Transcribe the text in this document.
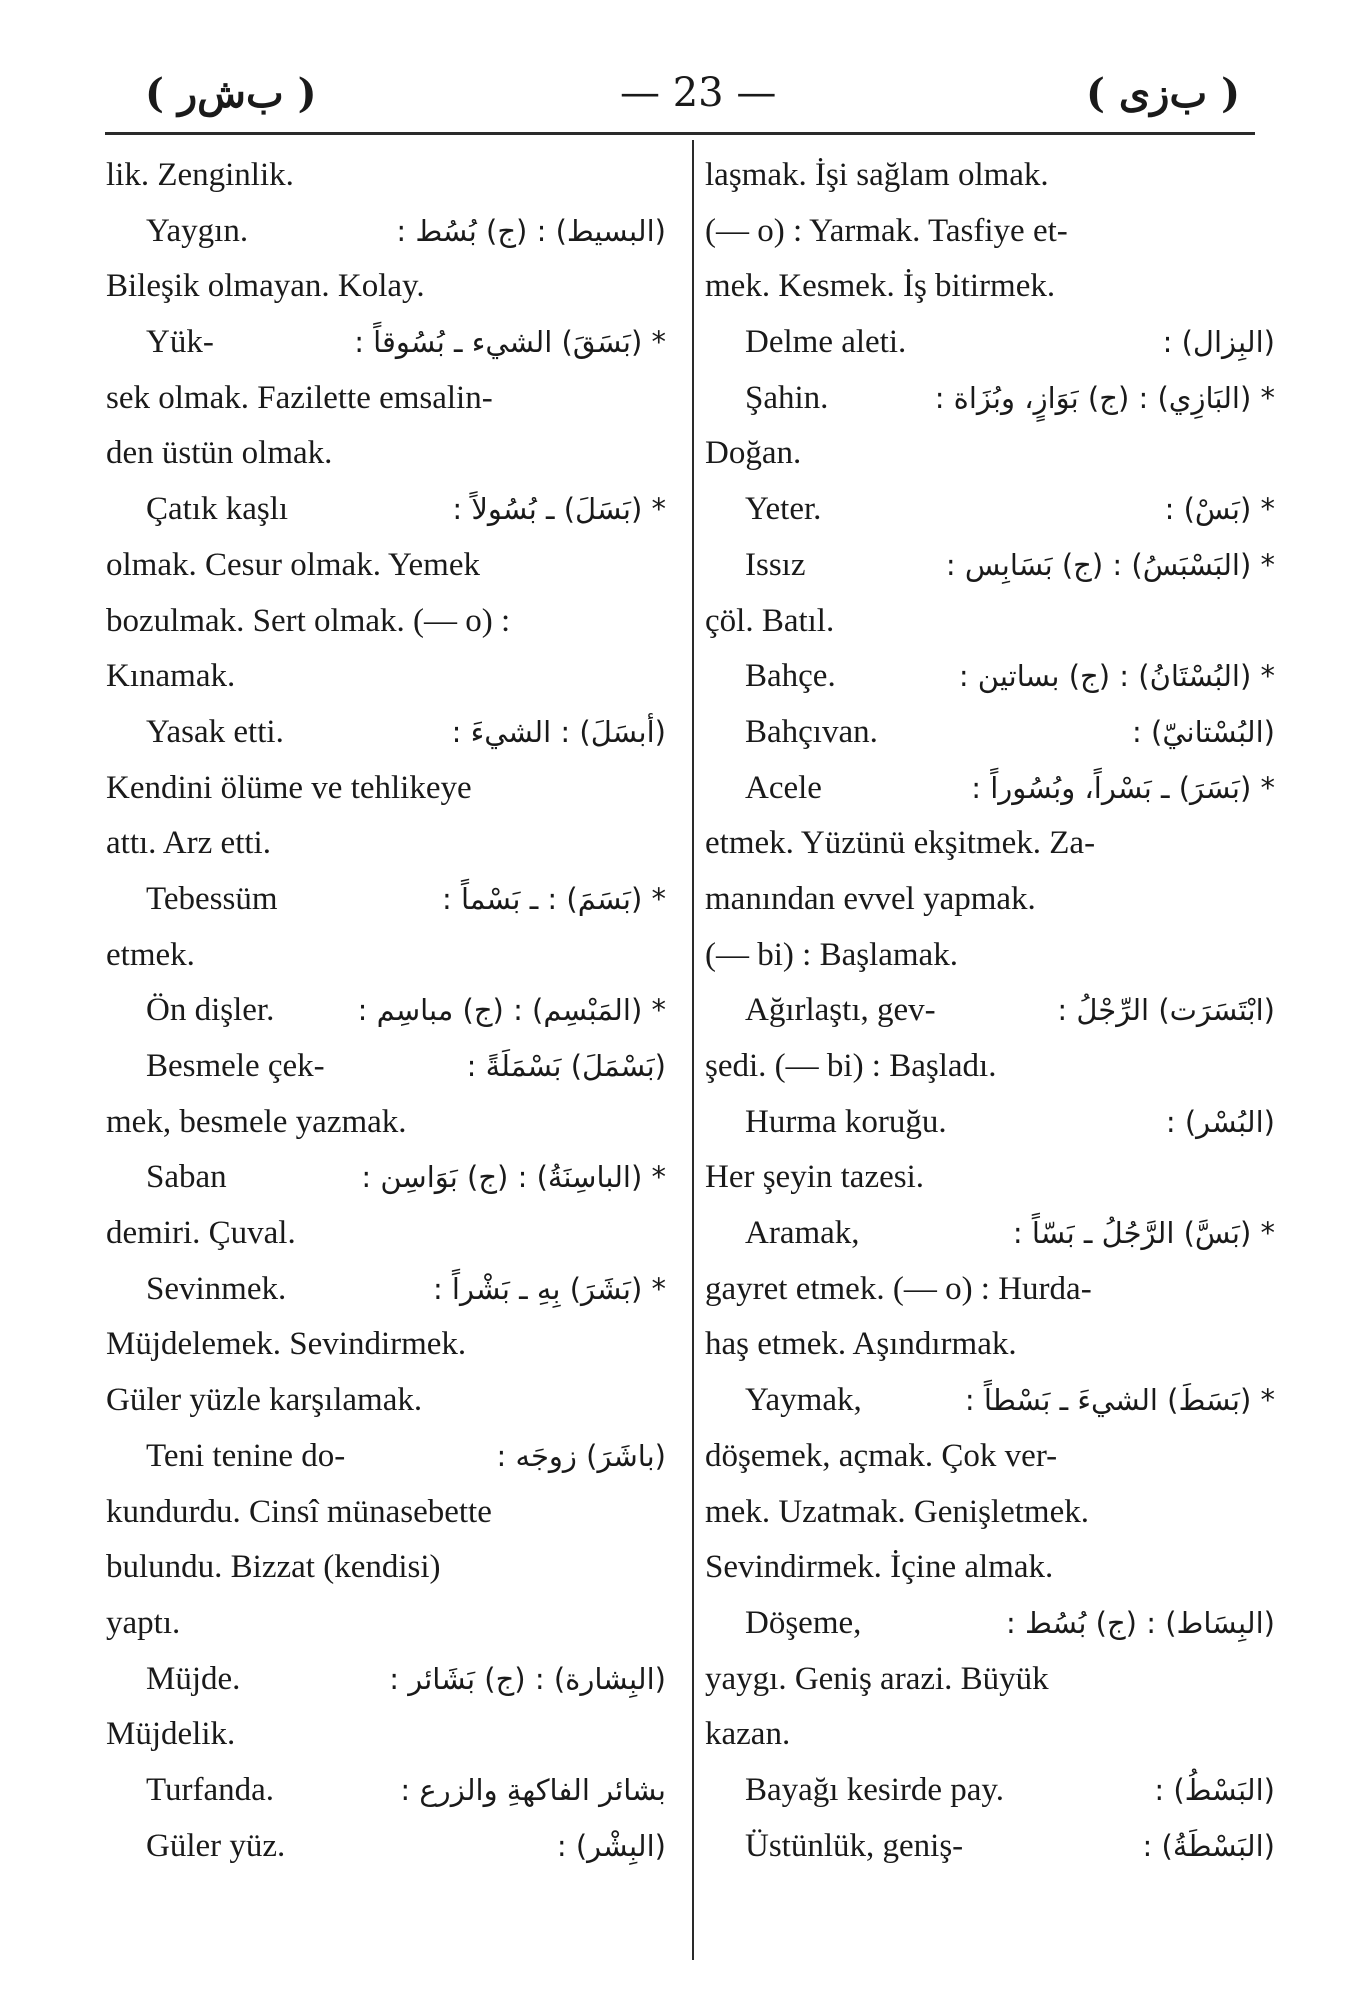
( ب‌ش‌ر )	— 23 —	( ب‌ز‌ی )
lik. Zenginlik.
Yaygın.	(البسيط) : (ج) بُسُط :
Bileşik olmayan. Kolay.
Yük-	* (بَسَقَ) الشيء ـ بُسُوقاً :
sek olmak. Fazilette emsalin-
den üstün olmak.
Çatık kaşlı	* (بَسَلَ) ـ بُسُولاً :
olmak. Cesur olmak. Yemek
bozulmak. Sert olmak. (— o) :
Kınamak.
Yasak etti.	(أبسَلَ) : الشيءَ :
Kendini ölüme ve tehlikeye
attı. Arz etti.
Tebessüm	* (بَسَمَ) : ـ بَسْماً :
etmek.
Ön dişler.	* (المَبْسِم) : (ج) مباسِم :
Besmele çek-	(بَسْمَلَ) بَسْمَلَةً :
mek, besmele yazmak.
Saban	* (الباسِنَةُ) : (ج) بَوَاسِن :
demiri. Çuval.
Sevinmek.	* (بَشَرَ) بِهِ ـ بَشْراً :
Müjdelemek. Sevindirmek.
Güler yüzle karşılamak.
Teni tenine do-	(باشَرَ) زوجَه :
kundurdu. Cinsî münasebette
bulundu. Bizzat (kendisi)
yaptı.
Müjde.	(البِشارة) : (ج) بَشَائر :
Müjdelik.
Turfanda.	بشائر الفاكهةِ والزرع :
Güler yüz.	(البِشْر) :
laşmak. İşi sağlam olmak.
(— o) : Yarmak. Tasfiye et-
mek. Kesmek. İş bitirmek.
Delme aleti.	(البِزال) :
Şahin.	* (البَازِي) : (ج) بَوَازٍ، وبُزَاة :
Doğan.
Yeter.	* (بَسْ) :
Issız	* (البَسْبَسُ) : (ج) بَسَابِس :
çöl. Batıl.
Bahçe.	* (البُسْتَانُ) : (ج) بساتين :
Bahçıvan.	(البُسْتانيّ) :
Acele	* (بَسَرَ) ـ بَسْراً، وبُسُوراً :
etmek. Yüzünü ekşitmek. Za-
manından evvel yapmak.
(— bi) : Başlamak.
Ağırlaştı, gev-	(ابْتَسَرَت) الرِّجْلُ :
şedi. (— bi) : Başladı.
Hurma koruğu.	(البُسْر) :
Her şeyin tazesi.
Aramak,	* (بَسَّ) الرَّجُلُ ـ بَسّاً :
gayret etmek. (— o) : Hurda-
haş etmek. Aşındırmak.
Yaymak,	* (بَسَطَ) الشيءَ ـ بَسْطاً :
döşemek, açmak. Çok ver-
mek. Uzatmak. Genişletmek.
Sevindirmek. İçine almak.
Döşeme,	(البِسَاط) : (ج) بُسُط :
yaygı. Geniş arazi. Büyük
kazan.
Bayağı kesirde pay.	(البَسْطُ) :
Üstünlük, geniş-	(البَسْطَةُ) :
